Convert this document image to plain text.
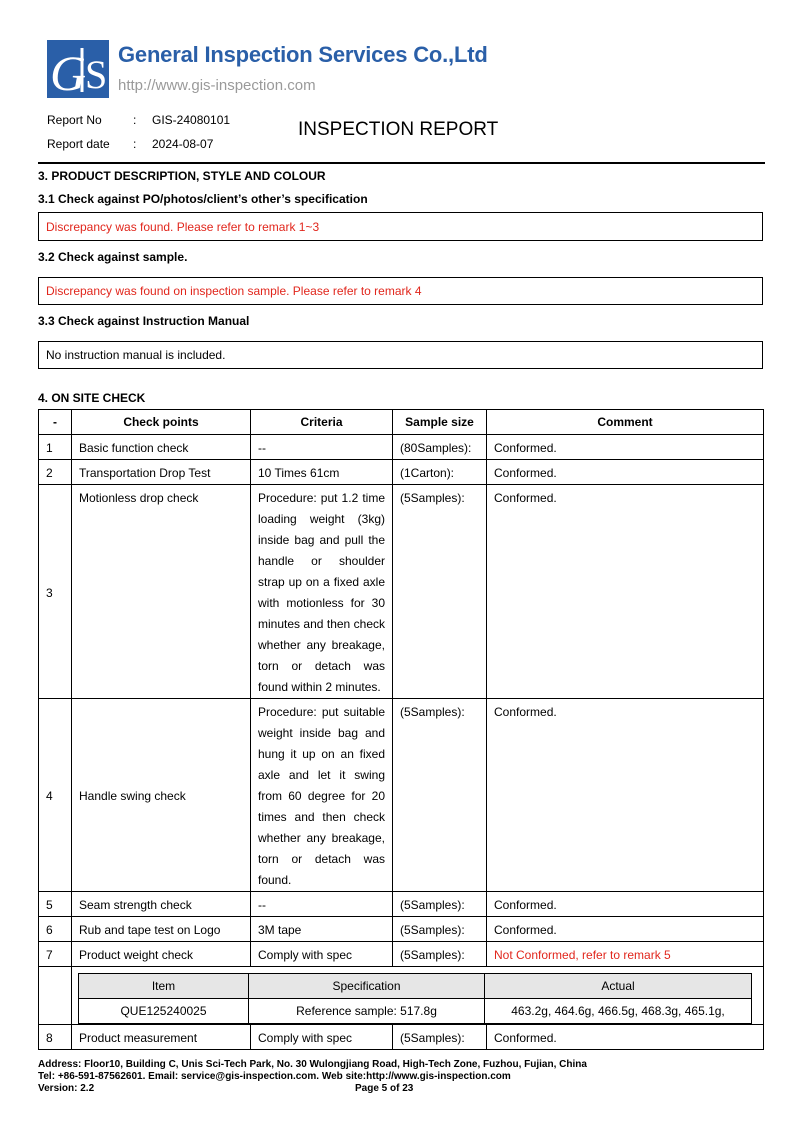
G
S General Inspection Services Co.,Ltd
http://www.gis-inspection.com
Report No	: GIS-24080101
Report date : 2024-08-07
INSPECTION REPORT
3. PRODUCT DESCRIPTION, STYLE AND COLOUR
3.1 Check against PO/photos/client’s other’s specification
Discrepancy was found. Please refer to remark 1~3
3.2 Check against sample.
Discrepancy was found on inspection sample. Please refer to remark 4
3.3 Check against Instruction Manual
No instruction manual is included.
4. ON SITE CHECK
-	Check points	Criteria	Sample size	Comment
1	Basic function check	--	(80Samples):	Conformed.
2	Transportation Drop Test	10 Times 61cm	(1Carton):	Conformed.
3	Motionless drop check	Procedure: put 1.2 time loading weight (3kg) inside bag and pull the handle or shoulder strap up on a fixed axle with motionless for 30 minutes and then check whether any breakage, torn or detach was found within 2 minutes.	(5Samples):	Conformed.
4	Handle swing check	Procedure: put suitable weight inside bag and hung it up on an fixed axle and let it swing from 60 degree for 20 times and then check whether any breakage, torn or detach was found.	(5Samples):	Conformed.
5	Seam strength check	--	(5Samples):	Conformed.
6	Rub and tape test on Logo	3M tape	(5Samples):	Conformed.
7	Product weight check	Comply with spec	(5Samples):	Not Conformed, refer to remark 5

Item	Specification	Actual
QUE125240025	Reference sample: 517.8g	463.2g, 464.6g, 466.5g, 468.3g, 465.1g,

8	Product measurement	Comply with spec	(5Samples):	Conformed.
Address: Floor10, Building C, Unis Sci-Tech Park, No. 30 Wulongjiang Road, High-Tech Zone, Fuzhou, Fujian, China
Tel: +86-591-87562601. Email: service@gis-inspection.com. Web site:http://www.gis-inspection.com
Version: 2.2	Page 5 of 23
